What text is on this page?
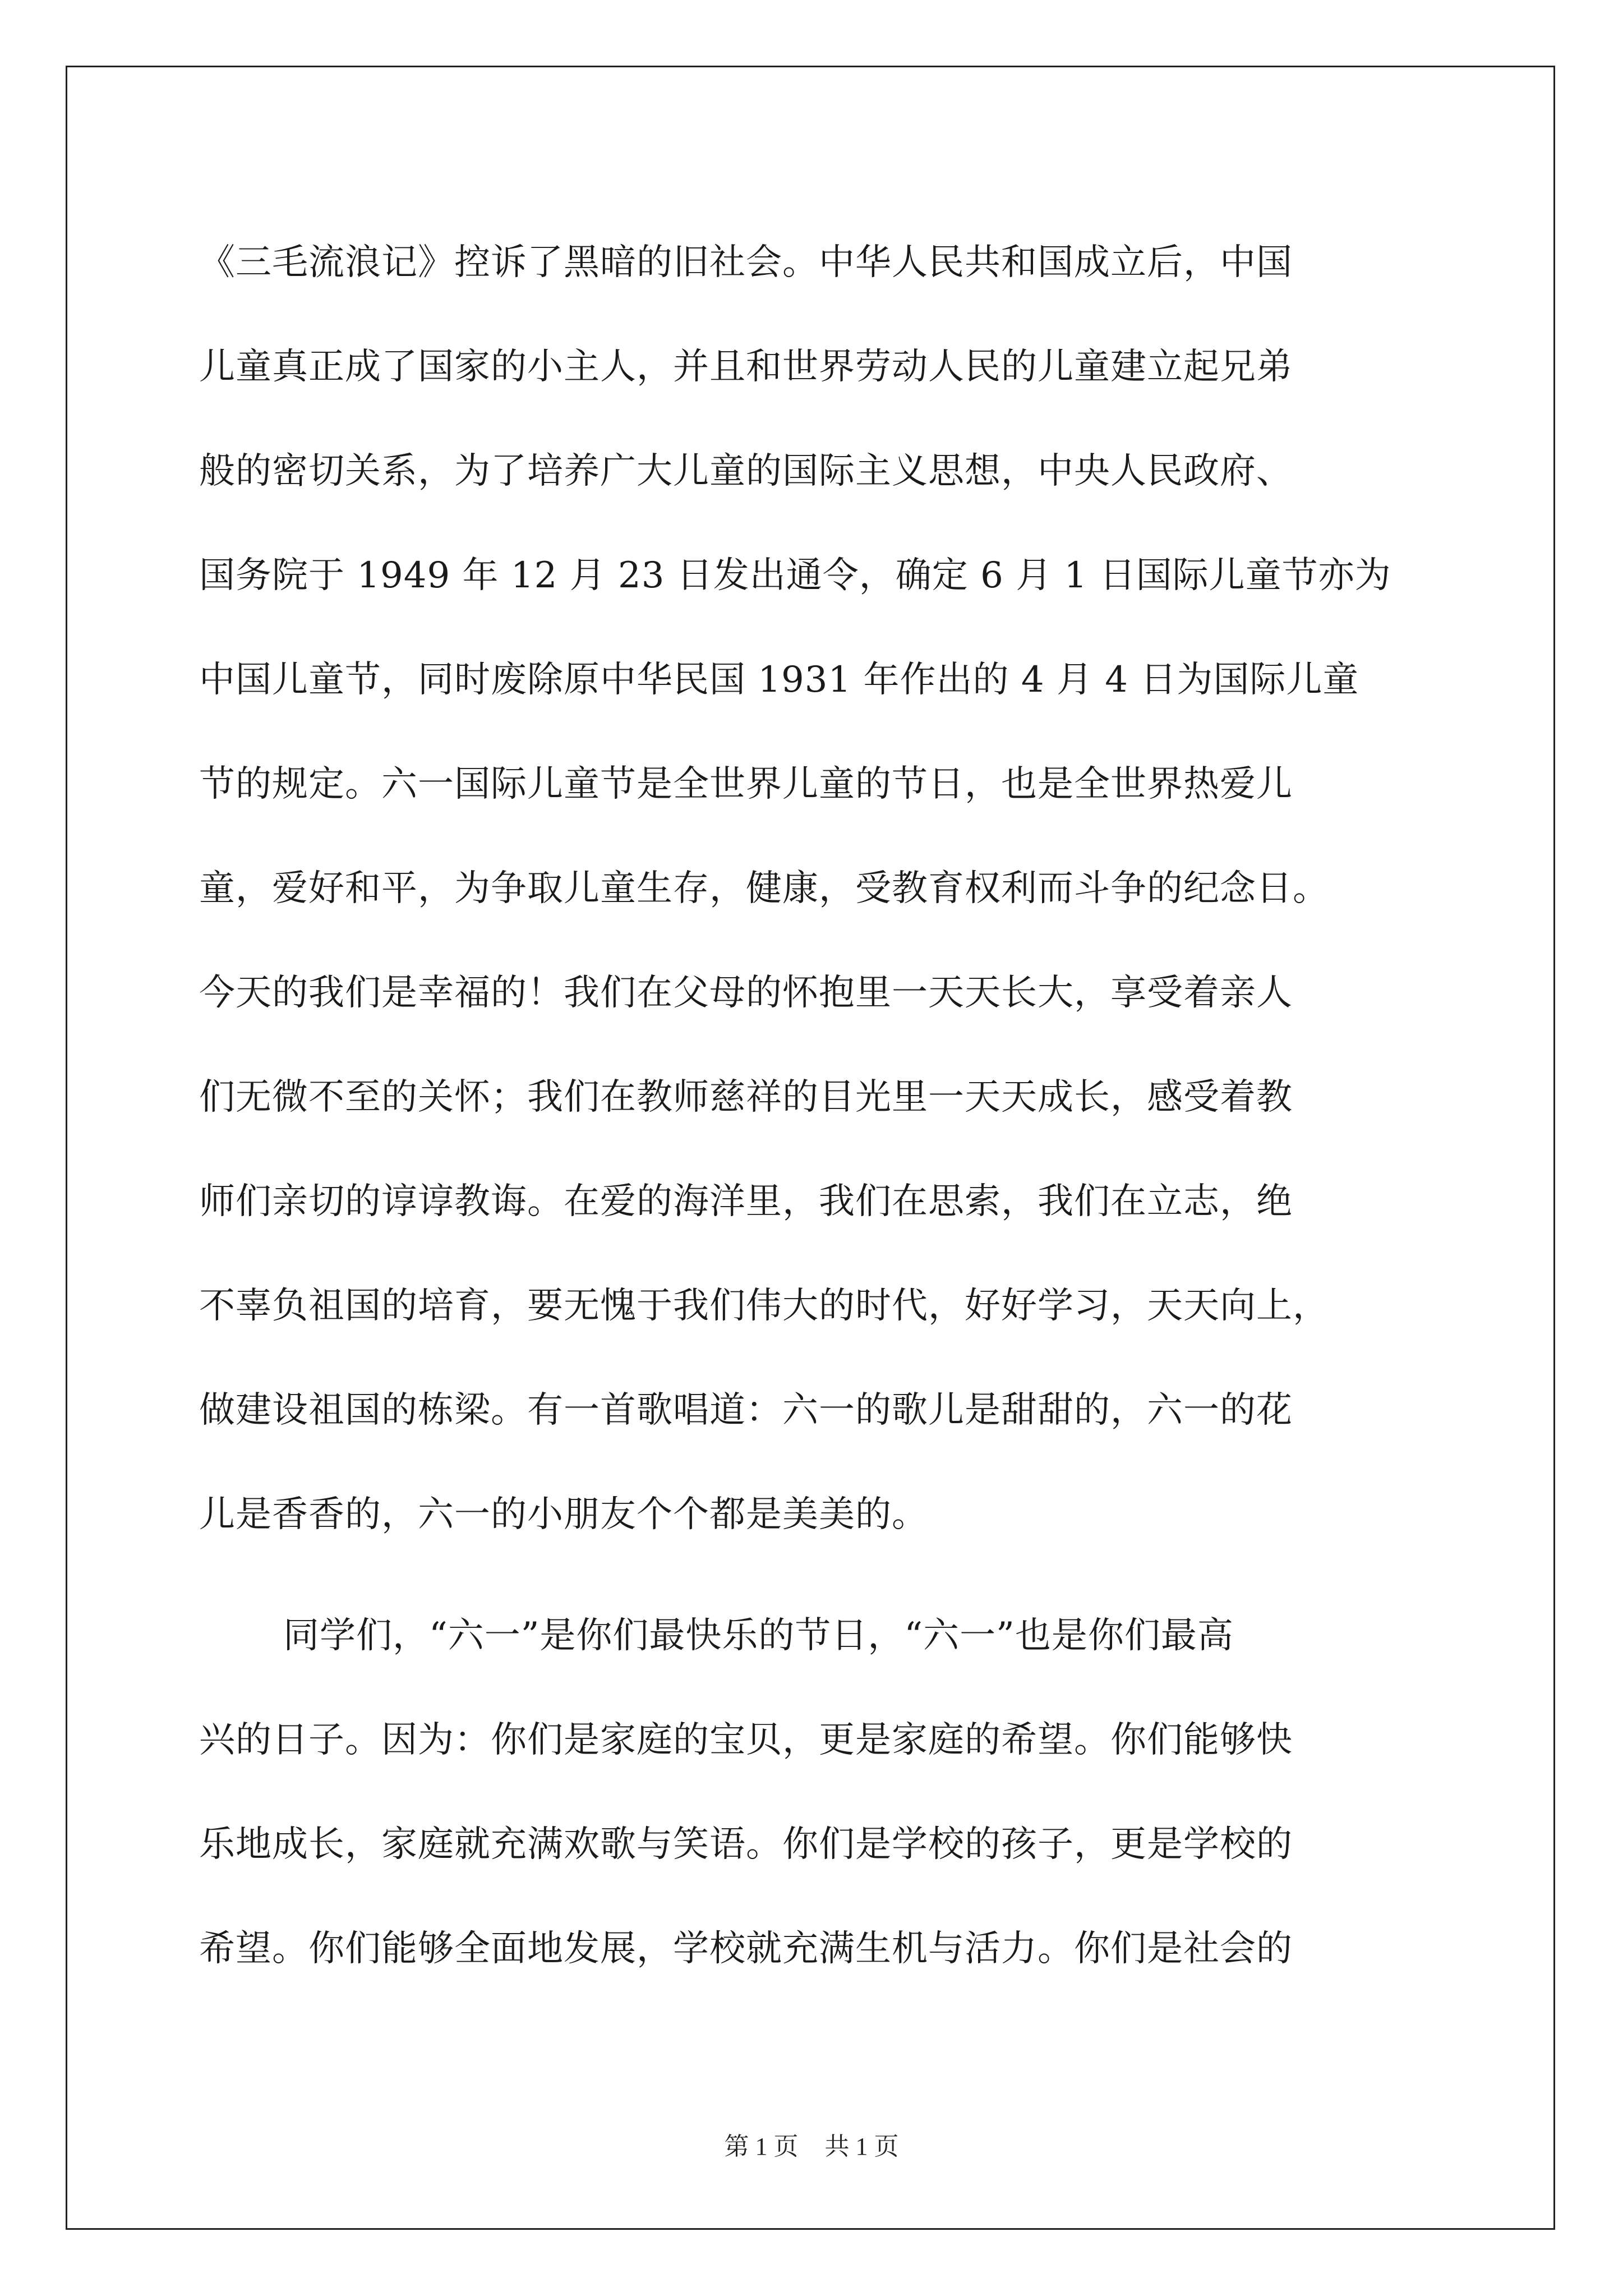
《三毛流浪记》控诉了黑暗的旧社会。中华人民共和国成立后，中国
儿童真正成了国家的小主人，并且和世界劳动人民的儿童建立起兄弟
般的密切关系，为了培养广大儿童的国际主义思想，中央人民政府、
国务院于 1949 年 12 月 23 日发出通令，确定 6 月 1 日国际儿童节亦为
中国儿童节，同时废除原中华民国 1931 年作出的 4 月 4 日为国际儿童
节的规定。六一国际儿童节是全世界儿童的节日，也是全世界热爱儿
童，爱好和平，为争取儿童生存，健康，受教育权利而斗争的纪念日。
今天的我们是幸福的！我们在父母的怀抱里一天天长大，享受着亲人
们无微不至的关怀；我们在教师慈祥的目光里一天天成长，感受着教
师们亲切的谆谆教诲。在爱的海洋里，我们在思索，我们在立志，绝
不辜负祖国的培育，要无愧于我们伟大的时代，好好学习，天天向上，
做建设祖国的栋梁。有一首歌唱道：六一的歌儿是甜甜的，六一的花
儿是香香的，六一的小朋友个个都是美美的。
同学们，“六一”是你们最快乐的节日，“六一”也是你们最高
兴的日子。因为：你们是家庭的宝贝，更是家庭的希望。你们能够快
乐地成长，家庭就充满欢歌与笑语。你们是学校的孩子，更是学校的
希望。你们能够全面地发展，学校就充满生机与活力。你们是社会的
第 1 页 共 1 页
